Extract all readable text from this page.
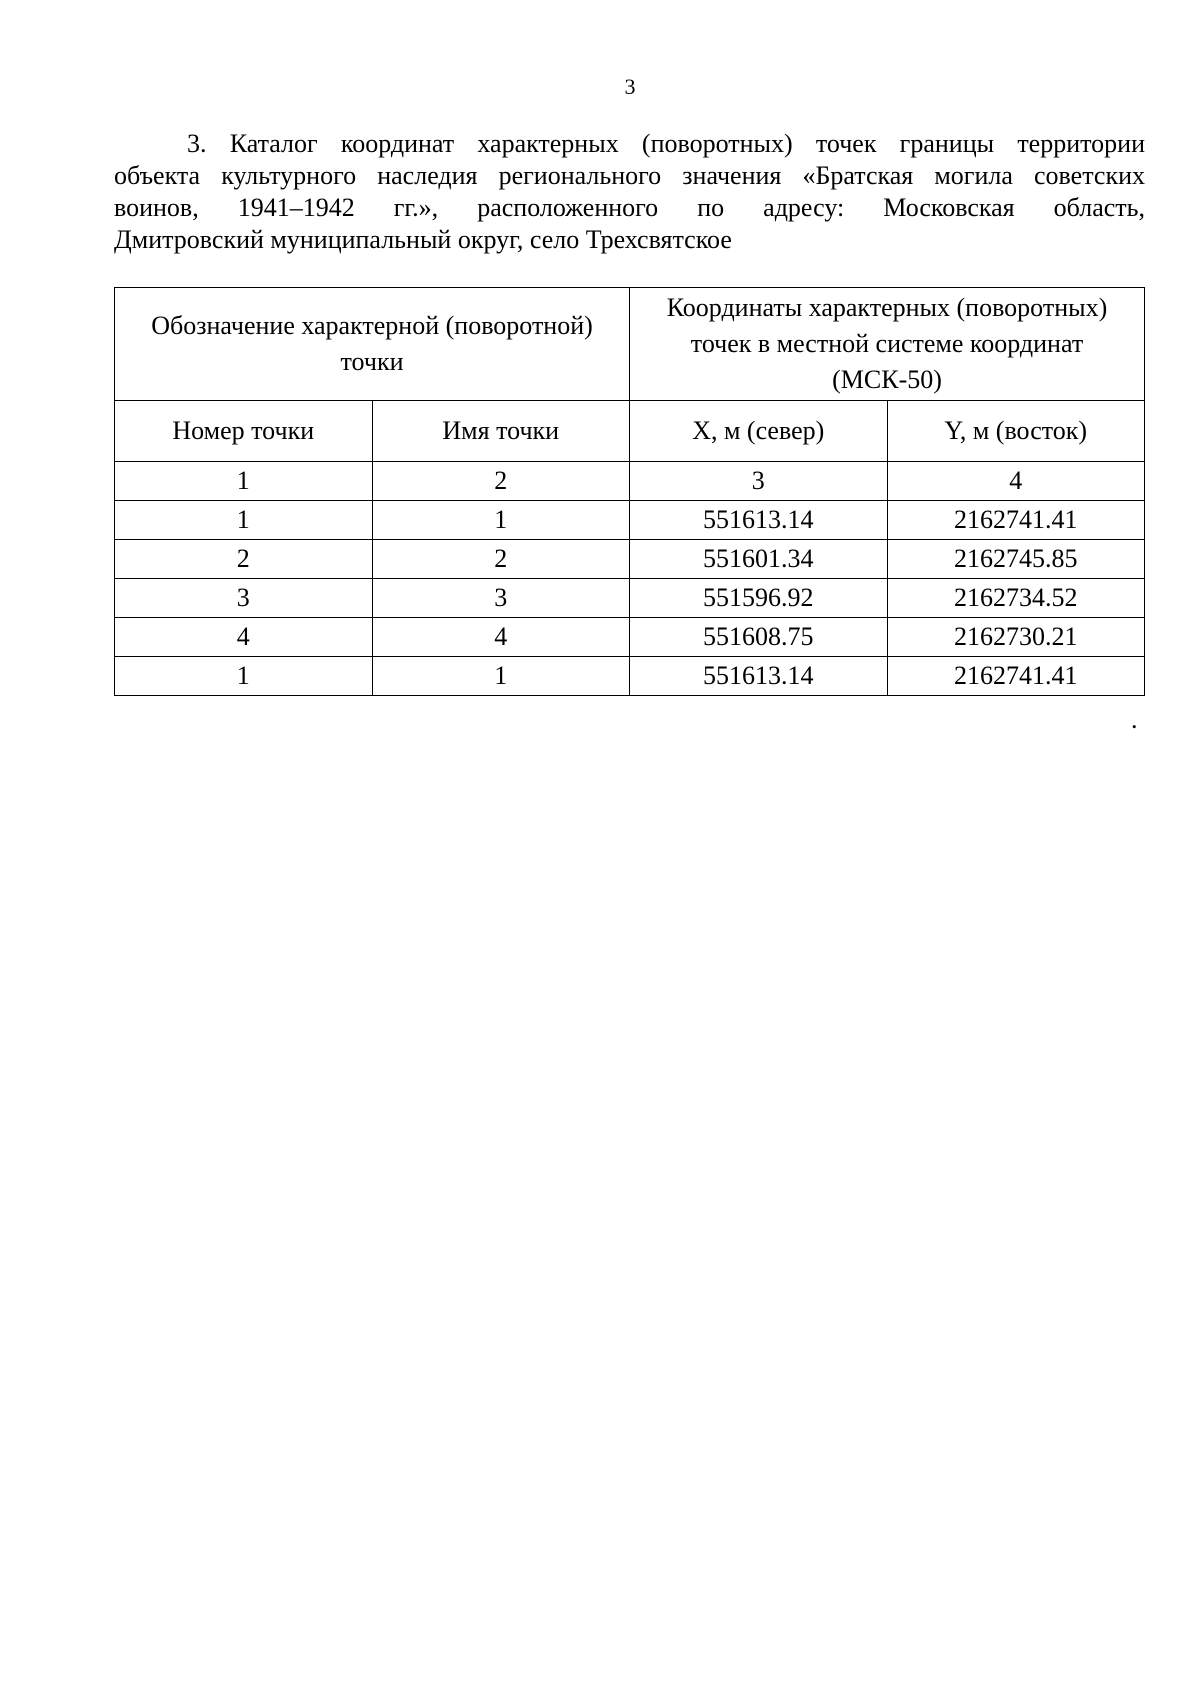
3
3. Каталог координат характерных (поворотных) точек границы территории
объекта культурного наследия регионального значения «Братская могила советских
воинов, 1941–1942 гг.», расположенного по адресу: Московская область,
Дмитровский муниципальный округ, село Трехсвятское
Обозначение характерной (поворотной) точки		Координаты характерных (поворотных) точек в местной системе координат (МСК-50)	
Номер точки	Имя точки	X, м (север)	Y, м (восток)
1	2	3	4
1	1	551613.14	2162741.41
2	2	551601.34	2162745.85
3	3	551596.92	2162734.52
4	4	551608.75	2162730.21
1	1	551613.14	2162741.41
.
